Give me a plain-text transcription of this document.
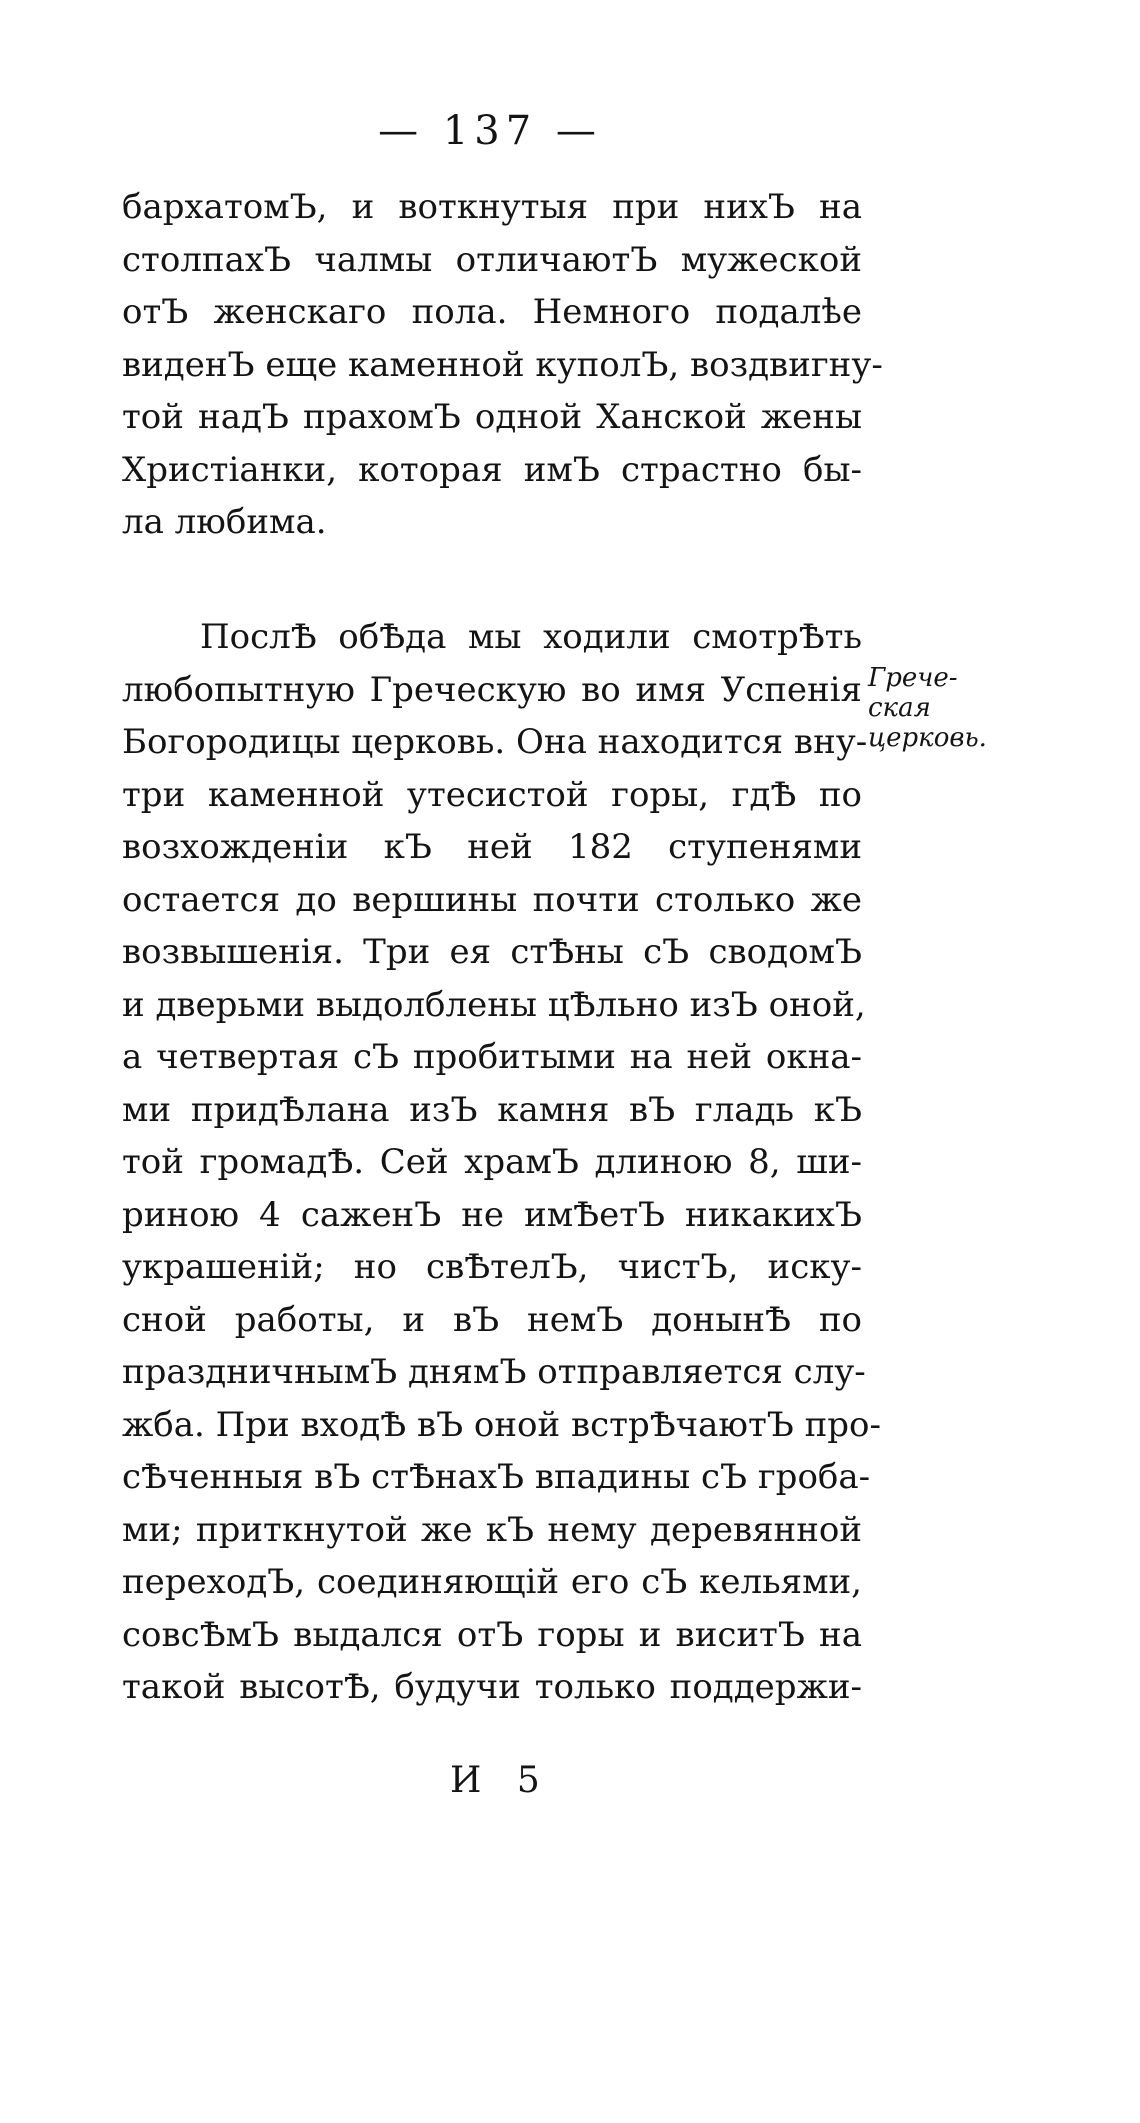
— 137 —
бархатомЪ, и воткнутыя при нихЪ на
столпахЪ чалмы отличаютЪ мужеской
отЪ женскаго пола. Немного подалѣе
виденЪ еще каменной куполЪ, воздвигну-
той надЪ прахомЪ одной Ханской жены
Христіанки, которая имЪ страстно бы-
ла любима.
ПослѢ обѢда мы ходили смотрѢть
любопытную Греческую во имя Успенія
Богородицы церковь. Она находится вну-
три каменной утесистой горы, гдѢ по
возхожденіи кЪ ней 182 ступенями
остается до вершины почти столько же
возвышенія. Три ея стѢны сЪ сводомЪ
и дверьми выдолблены цѢльно изЪ оной,
а четвертая сЪ пробитыми на ней окна-
ми придѢлана изЪ камня вЪ гладь кЪ
той громадѢ. Сей храмЪ длиною 8, ши-
риною 4 саженЪ не имѢетЪ никакихЪ
украшеній; но свѢтелЪ, чистЪ, иску-
сной работы, и вЪ немЪ донынѢ по
праздничнымЪ днямЪ отправляется слу-
жба. При входѢ вЪ оной встрѢчаютЪ про-
сѢченныя вЪ стѢнахЪ впадины сЪ гроба-
ми; приткнутой же кЪ нему деревянной
переходЪ, соединяющій его сЪ кельями,
совсѢмЪ выдался отЪ горы и виситЪ на
такой высотѢ, будучи только поддержи-
Грече-
ская
церковь.
И 5
